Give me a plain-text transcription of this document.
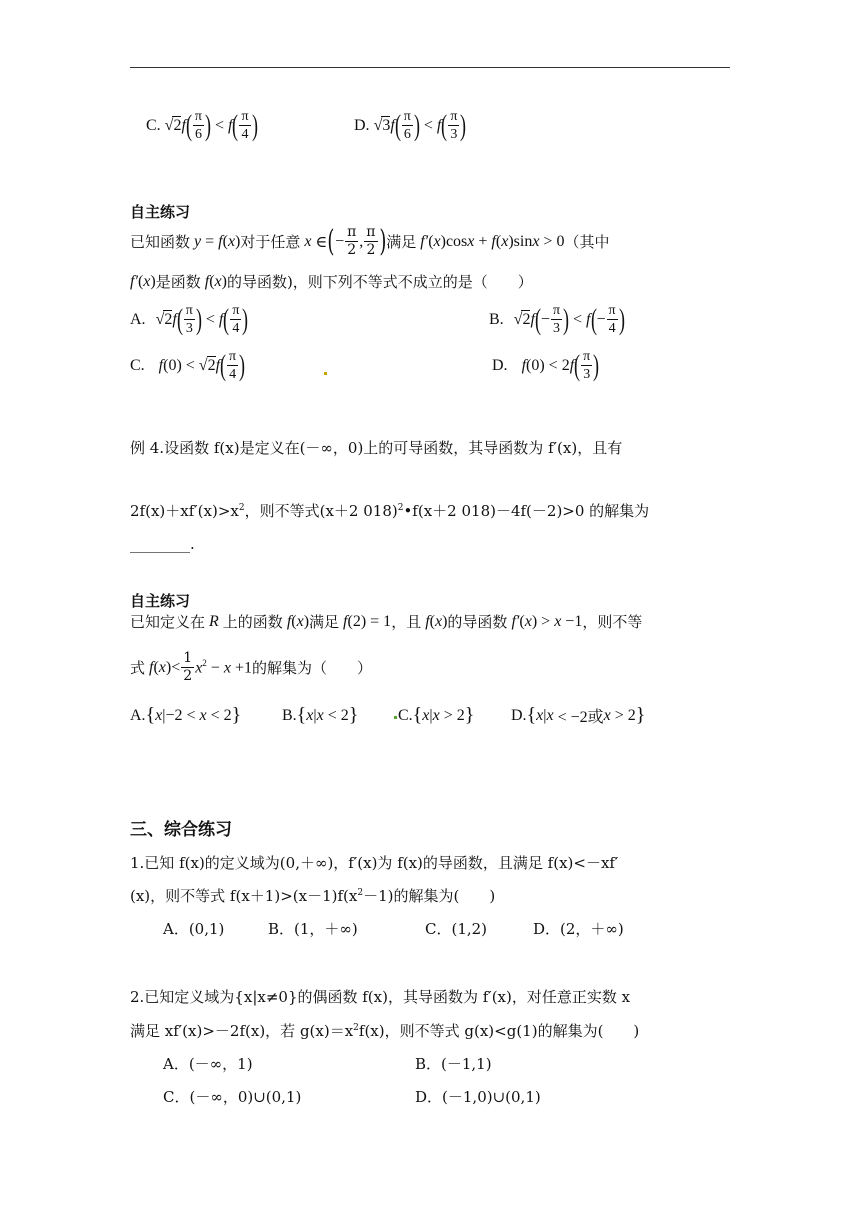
C. √2 f ( $\frac{\pi}{6}$ ) < f ( $\frac{\pi}{4}$ )	D. √3 f ( $\frac{\pi}{6}$ ) < f ( $\frac{\pi}{3}$ )
自主练习
已知函数 y = f (x) 对于任意 x ∈ ( − $\frac{\pi}{2}$ , $\frac{\pi}{2}$ ) 满足 f′(x)cosx + f(x)sinx > 0 （其中
f′(x) 是函数 f(x) 的导函数)，则下列不等式不成立的是（　　）
A. √2 f ( $\frac{\pi}{3}$ ) < f ( $\frac{\pi}{4}$ )	B. √2 f ( − $\frac{\pi}{3}$ ) < f ( − $\frac{\pi}{4}$ )
C. f (0) < √ 2 f ( $\frac{\pi}{4}$ )	D. f (0) < 2 f ( $\frac{\pi}{3}$ )
例 4.设函数 f(x)是定义在(－∞，0)上的可导函数，其导函数为 f′(x)，且有
$2f(x)+xf'(x)>x^2$，则不等式(x＋2 018)$^2$•f(x＋2 018)－4f(－2)>0 的解集为
________.
自主练习
已知定义在 R 上的函数 f(x) 满足 f(2) = 1 ，且 f(x) 的导函数 f′(x) > x −1 ，则不等
式 $f(x)< \frac{1}{2} x^2 - x +1$ 的解集为（　　）
A. { x |−2 < x < 2 }	B. { x | x < 2 } C. { x | x > 2 } D. { x | x < −2或 x > 2 }
三、综合练习
1.已知 f(x)的定义域为(0,＋∞)，f′(x)为 f(x)的导函数，且满足 f(x)<－xf′
(x)，则不等式 $f(x+1)>(x-1)f(x^2-1)$的解集为(　　)
A．(0,1)	B．(1，＋∞)	C．(1,2)	D．(2，＋∞)
2.已知定义域为{x|x≠0}的偶函数 f(x)，其导函数为 f′(x)，对任意正实数 x
满足 xf′(x)>－2f(x)，若 $g(x)=x^2f(x)$，则不等式 g(x)<g(1)的解集为(　　)
A．(－∞，1)	B．(－1,1)
C．(－∞，0)∪(0,1)	D．(－1,0)∪(0,1)
